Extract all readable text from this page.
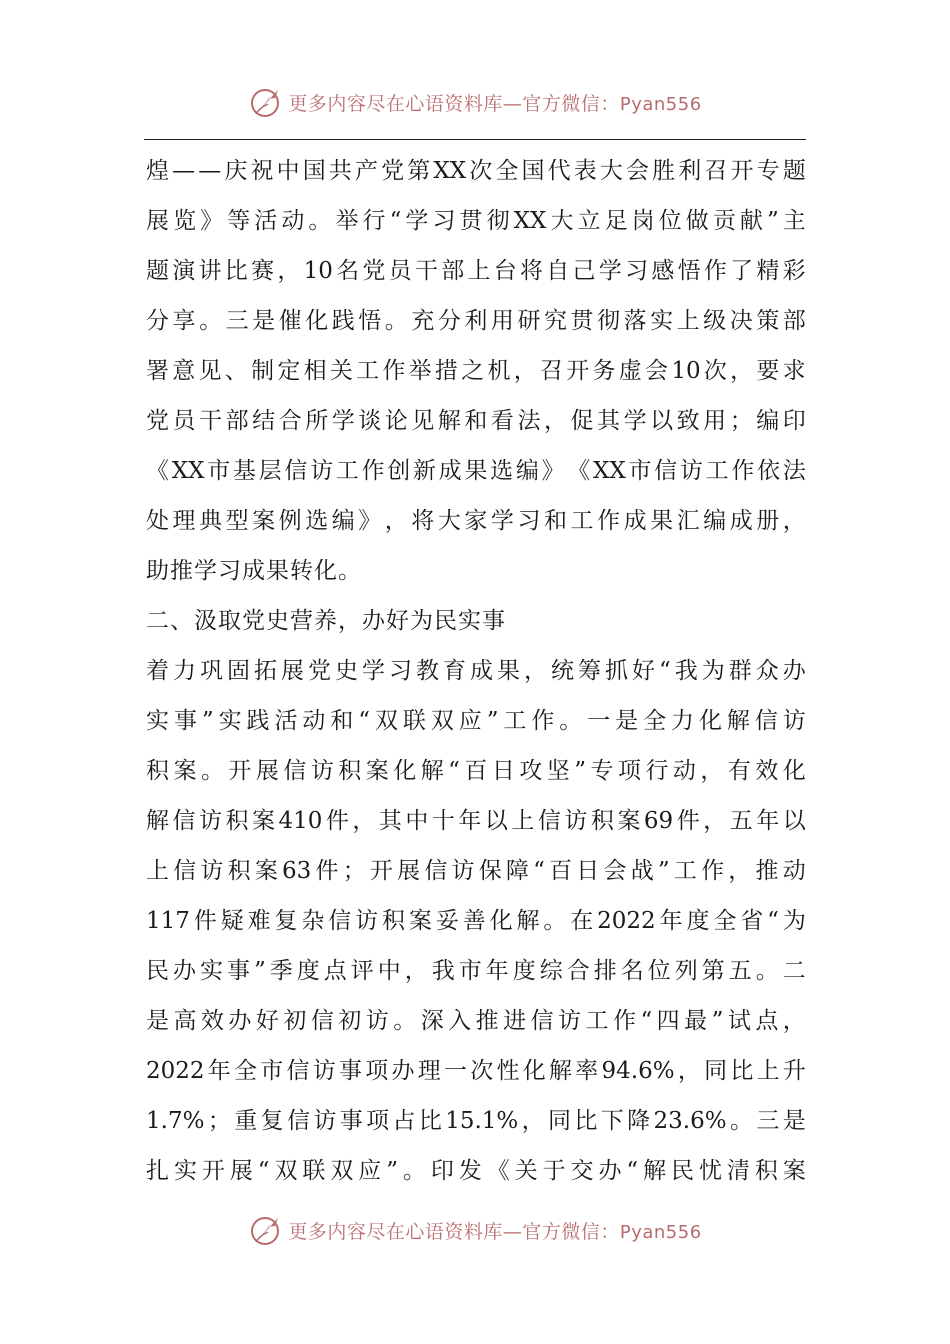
更多内容尽在心语资料库—官方微信：Pyan556
煌 — — 庆 祝 中 国 共 产 党 第 XX 次 全 国 代 表 大 会 胜 利 召 开 专 题
展 览 》 等 活 动 。 举 行 “ 学 习 贯 彻 XX 大 立 足 岗 位 做 贡 献 ” 主
题 演 讲 比 赛 ， 10 名 党 员 干 部 上 台 将 自 己 学 习 感 悟 作 了 精 彩
分 享 。 三 是 催 化 践 悟 。 充 分 利 用 研 究 贯 彻 落 实 上 级 决 策 部
署 意 见 、 制 定 相 关 工 作 举 措 之 机 ， 召 开 务 虚 会 10 次 ， 要 求
党 员 干 部 结 合 所 学 谈 论 见 解 和 看 法 ， 促 其 学 以 致 用 ； 编 印
《 XX 市 基 层 信 访 工 作 创 新 成 果 选 编 》 《 XX 市 信 访 工 作 依 法
处 理 典 型 案 例 选 编 》 ， 将 大 家 学 习 和 工 作 成 果 汇 编 成 册 ，
助推学习成果转化。
二、汲取党史营养，办好为民实事
着 力 巩 固 拓 展 党 史 学 习 教 育 成 果 ， 统 筹 抓 好 “ 我 为 群 众 办
实 事 ” 实 践 活 动 和 “ 双 联 双 应 ” 工 作 。 一 是 全 力 化 解 信 访
积 案 。 开 展 信 访 积 案 化 解 “ 百 日 攻 坚 ” 专 项 行 动 ， 有 效 化
解 信 访 积 案 410 件 ， 其 中 十 年 以 上 信 访 积 案 69 件 ， 五 年 以
上 信 访 积 案 63 件 ； 开 展 信 访 保 障 “ 百 日 会 战 ” 工 作 ， 推 动
117 件 疑 难 复 杂 信 访 积 案 妥 善 化 解 。 在 2022 年 度 全 省 “ 为
民 办 实 事 ” 季 度 点 评 中 ， 我 市 年 度 综 合 排 名 位 列 第 五 。 二
是 高 效 办 好 初 信 初 访 。 深 入 推 进 信 访 工 作 “ 四 最 ” 试 点 ，
2022 年 全 市 信 访 事 项 办 理 一 次 性 化 解 率 94.6% ， 同 比 上 升
1.7% ； 重 复 信 访 事 项 占 比 15.1% ， 同 比 下 降 23.6% 。 三 是
扎 实 开 展 “ 双 联 双 应 ” 。 印 发 《 关 于 交 办 “ 解 民 忧 清 积 案
更多内容尽在心语资料库—官方微信：Pyan556
